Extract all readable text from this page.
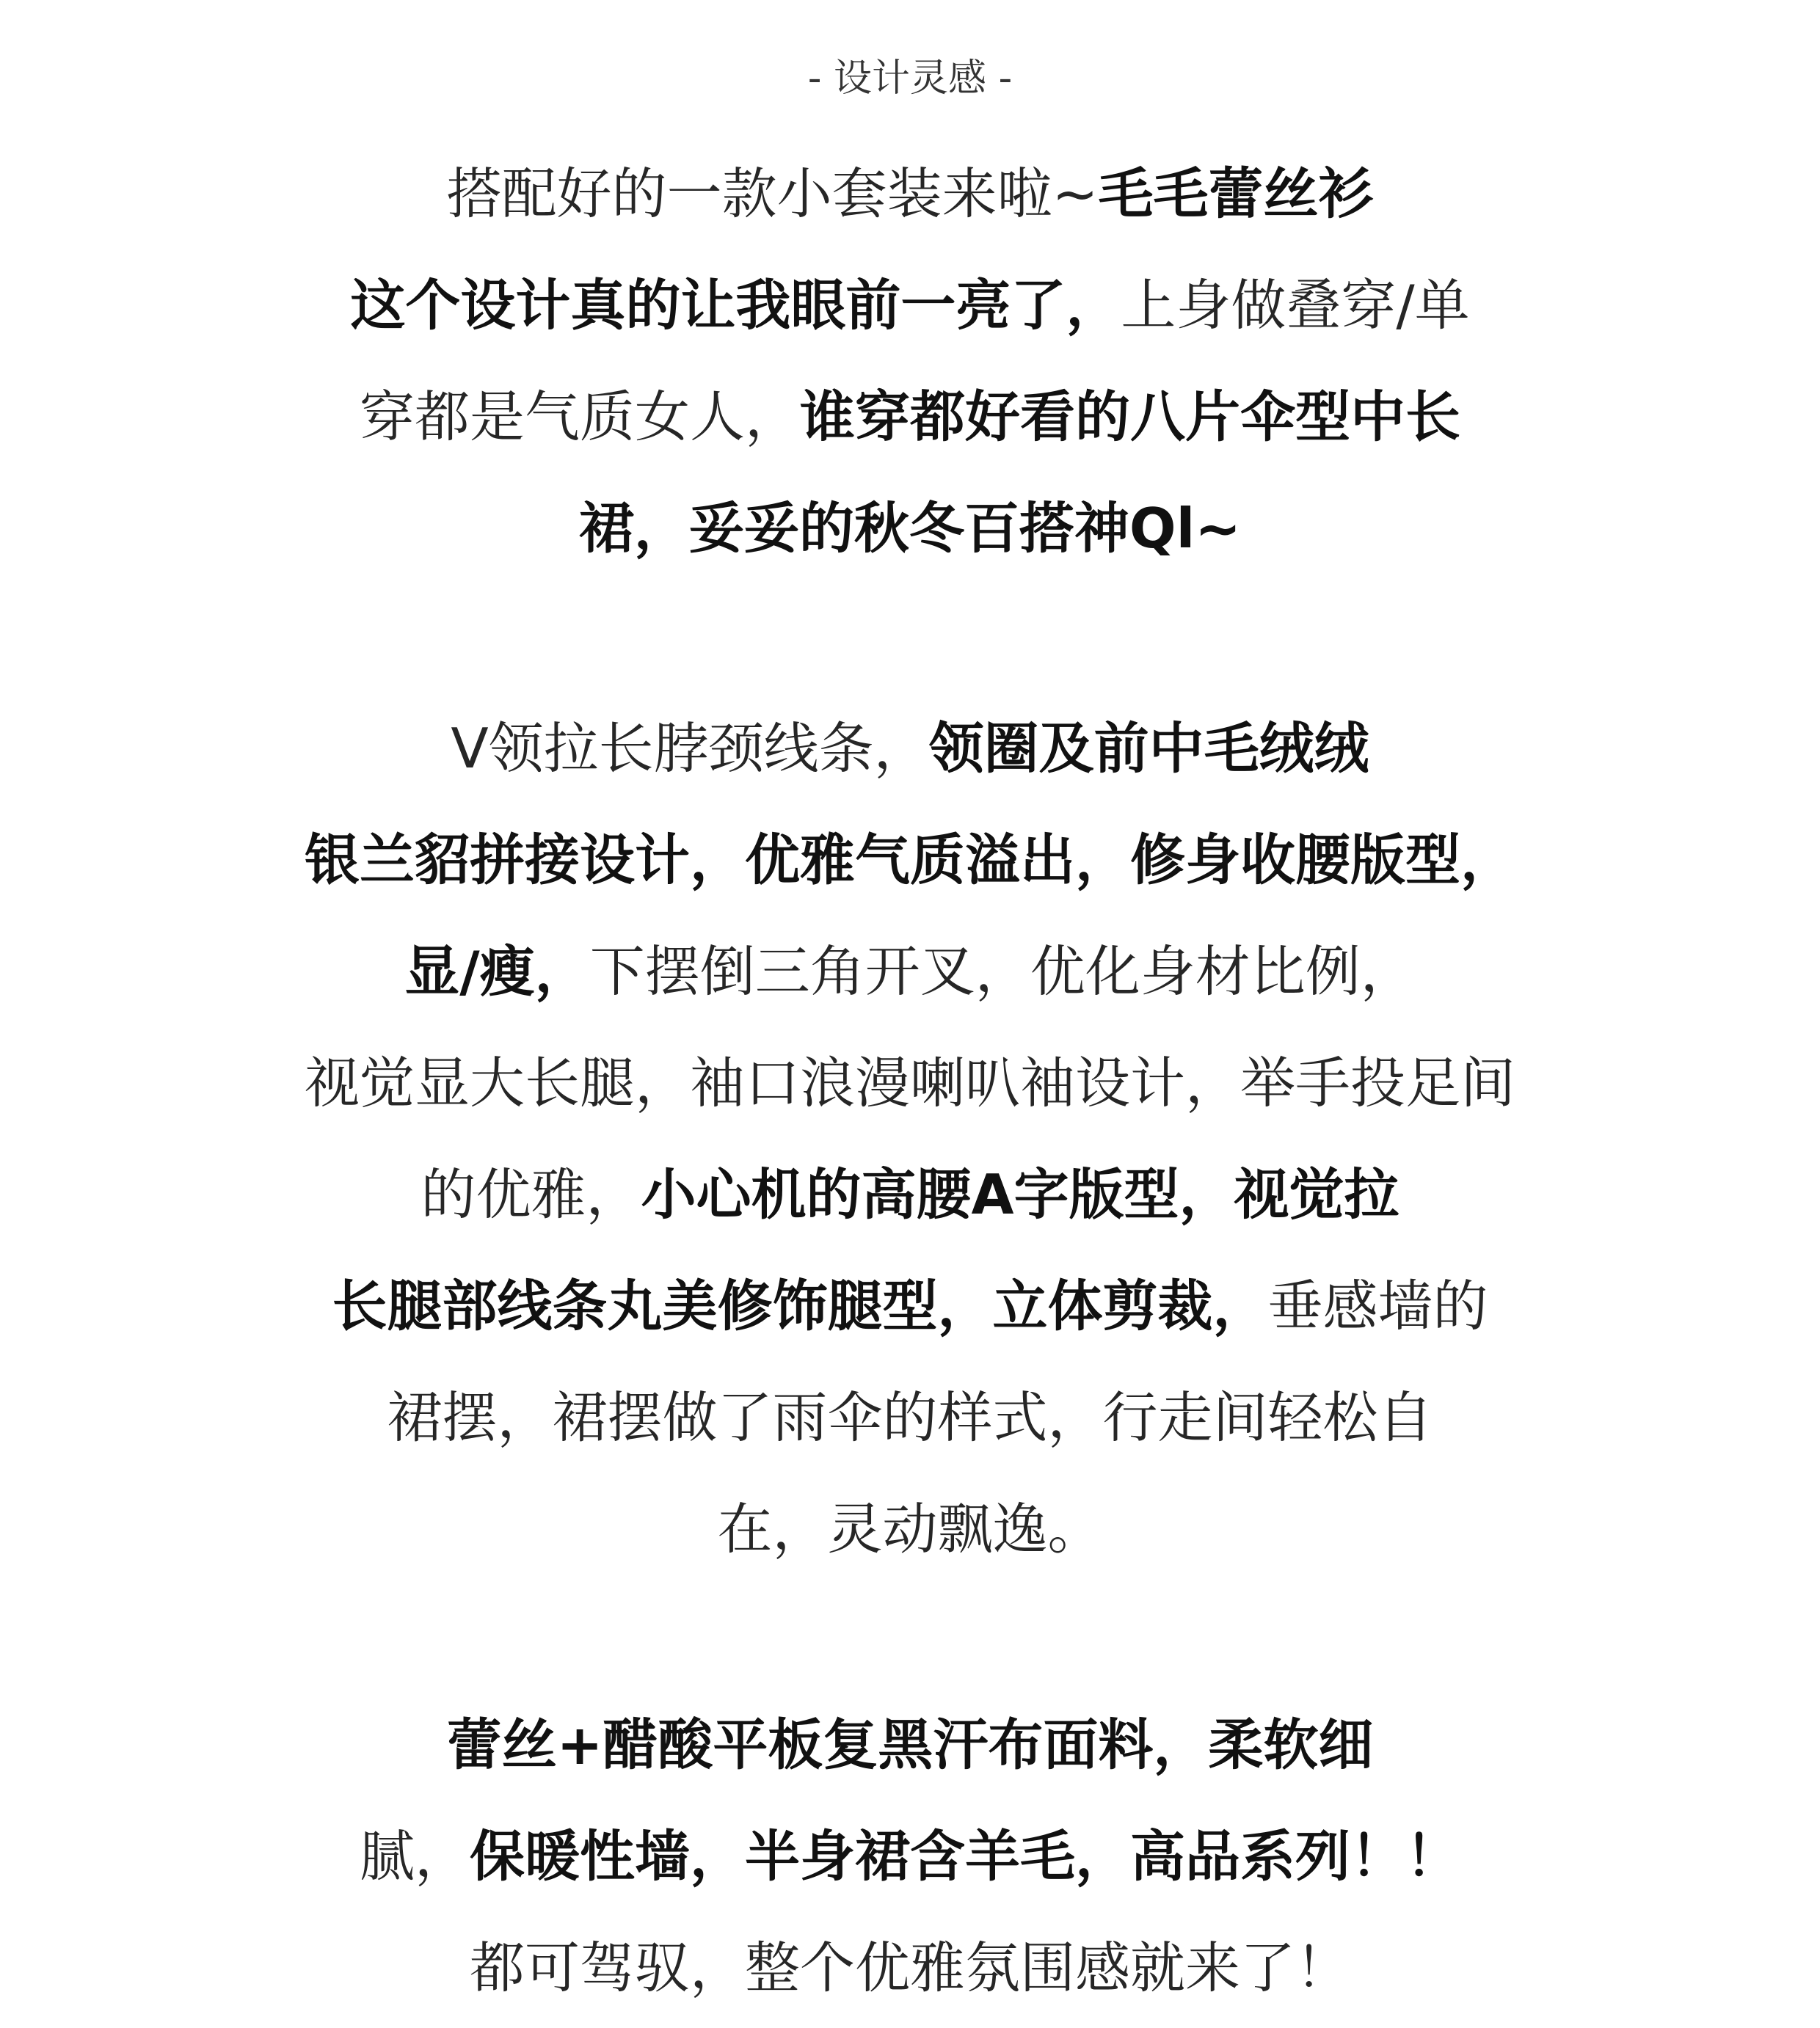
- 设计灵感 -
搭配好的一款小套装来啦~毛毛蕾丝衫
这个设计真的让我眼前一亮了，上身做叠穿/单
穿都是气质女人，谁穿都好看的八片伞型中长
裙，妥妥的秋冬百搭神Ql~
V领拉长脖颈线条，领圈及前中毛绒绒
银兰貂拼接设计，优雅气质溢出，修身收腰版型，
显/瘦，下摆倒三角开叉，优化身材比例，
视觉显大长腿，袖口浪漫喇叭袖设计，举手投足间
的优雅，小心机的高腰A字版型，视觉拉
长腿部线条丸美修饰腿型，立体剪裁，垂感墙的
裙摆，裙摆做了雨伞的样式，行走间轻松自
在，灵动飘逸。
蕾丝+醋酸平板复黑汗布面料，柔软细
腻，保暖性墙，半身裙含羊毛，高品系列！！
都可驾驭，整个优雅氛围感就来了！
